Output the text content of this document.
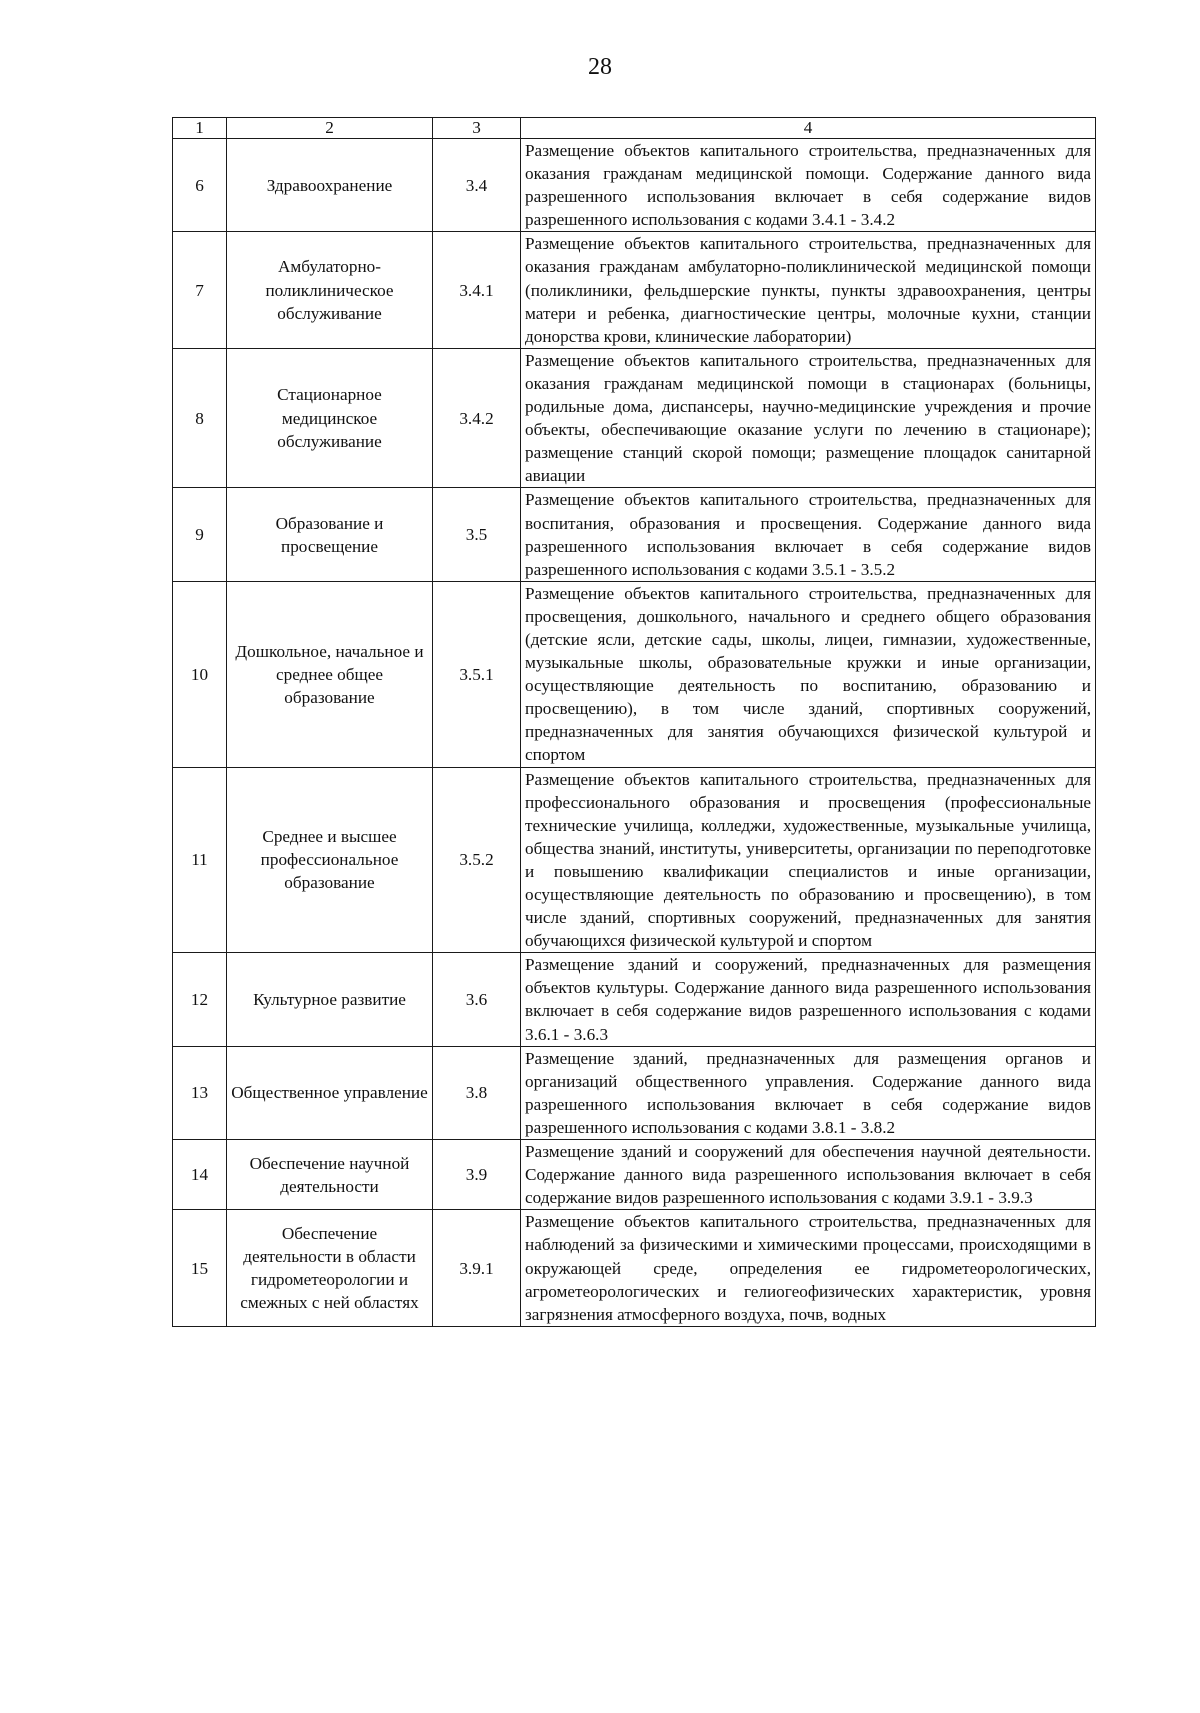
28
1	2	3	4
6	Здравоохранение	3.4	Размещение объектов капитального строительства, предназначенных для оказания гражданам медицинской помощи. Содержание данного вида разрешенного использования включает в себя содержание видов разрешенного использования с кодами 3.4.1 - 3.4.2
7	Амбулаторно-поликлиническое обслуживание	3.4.1	Размещение объектов капитального строительства, предназначенных для оказания гражданам амбулаторно-поликлинической медицинской помощи (поликлиники, фельдшерские пункты, пункты здравоохранения, центры матери и ребенка, диагностические центры, молочные кухни, станции донорства крови, клинические лаборатории)
8	Стационарное медицинское обслуживание	3.4.2	Размещение объектов капитального строительства, предназначенных для оказания гражданам медицинской помощи в стационарах (больницы, родильные дома, диспансеры, научно-медицинские учреждения и прочие объекты, обеспечивающие оказание услуги по лечению в стационаре); размещение станций скорой помощи; размещение площадок санитарной авиации
9	Образование и просвещение	3.5	Размещение объектов капитального строительства, предназначенных для воспитания, образования и просвещения. Содержание данного вида разрешенного использования включает в себя содержание видов разрешенного использования с кодами 3.5.1 - 3.5.2
10	Дошкольное, начальное и среднее общее образование	3.5.1	Размещение объектов капитального строительства, предназначенных для просвещения, дошкольного, начального и среднего общего образования (детские ясли, детские сады, школы, лицеи, гимназии, художественные, музыкальные школы, образовательные кружки и иные организации, осуществляющие деятельность по воспитанию, образованию и просвещению), в том числе зданий, спортивных сооружений, предназначенных для занятия обучающихся физической культурой и спортом
11	Среднее и высшее профессиональное образование	3.5.2	Размещение объектов капитального строительства, предназначенных для профессионального образования и просвещения (профессиональные технические училища, колледжи, художественные, музыкальные училища, общества знаний, институты, университеты, организации по переподготовке и повышению квалификации специалистов и иные организации, осуществляющие деятельность по образованию и просвещению), в том числе зданий, спортивных сооружений, предназначенных для занятия обучающихся физической культурой и спортом
12	Культурное развитие	3.6	Размещение зданий и сооружений, предназначенных для размещения объектов культуры. Содержание данного вида разрешенного использования включает в себя содержание видов разрешенного использования с кодами 3.6.1 - 3.6.3
13	Общественное управление	3.8	Размещение зданий, предназначенных для размещения органов и организаций общественного управления. Содержание данного вида разрешенного использования включает в себя содержание видов разрешенного использования с кодами 3.8.1 - 3.8.2
14	Обеспечение научной деятельности	3.9	Размещение зданий и сооружений для обеспечения научной деятельности. Содержание данного вида разрешенного использования включает в себя содержание видов разрешенного использования с кодами 3.9.1 - 3.9.3
15	Обеспечение деятельности в области гидрометеорологии и смежных с ней областях	3.9.1	Размещение объектов капитального строительства, предназначенных для наблюдений за физическими и химическими процессами, происходящими в окружающей среде, определения ее гидрометеорологических, агрометеорологических и гелиогеофизических характеристик, уровня загрязнения атмосферного воздуха, почв, водных
